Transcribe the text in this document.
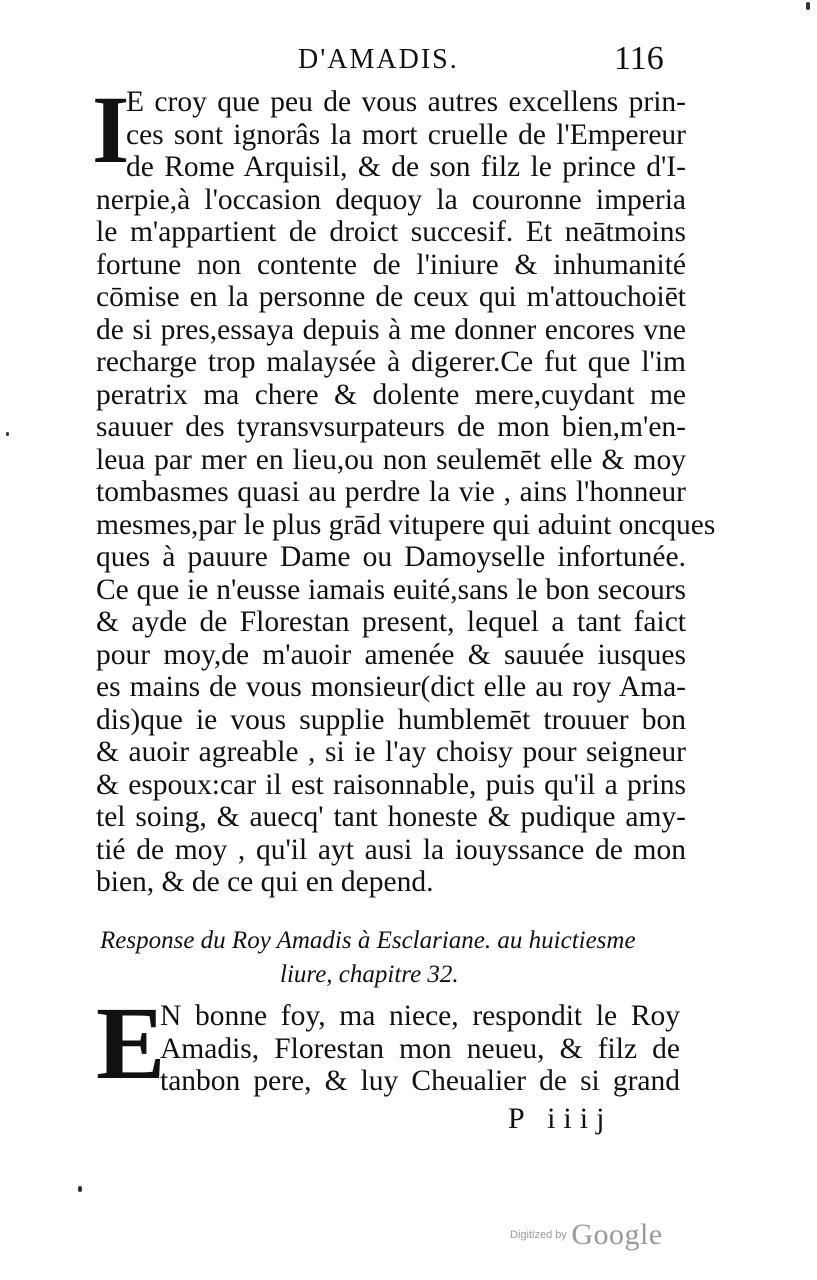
D'AMADIS.	116
I
E croy que peu de vous autres excellens prin-
ces sont ignorâs la mort cruelle de l'Empereur
de Rome Arquisil, & de son filz le prince d'I-
nerpie,à l'occasion dequoy la couronne imperia
le m'appartient de droict succesif. Et neātmoins
fortune non contente de l'iniure & inhumanité
cōmise en la personne de ceux qui m'attouchoiēt
de si pres,essaya depuis à me donner encores vne
recharge trop malaysée à digerer.Ce fut que l'im
peratrix ma chere & dolente mere,cuydant me
sauuer des tyransvsurpateurs de mon bien,m'en-
leua par mer en lieu,ou non seulemēt elle & moy
tombasmes quasi au perdre la vie , ains l'honneur
mesmes,par le plus grād vitupere qui aduint oncques
ques à pauure Dame ou Damoyselle infortunée.
Ce que ie n'eusse iamais euité,sans le bon secours
& ayde de Florestan present, lequel a tant faict
pour moy,de m'auoir amenée & sauuée iusques
es mains de vous monsieur(dict elle au roy Ama-
dis)que ie vous supplie humblemēt trouuer bon
& auoir agreable , si ie l'ay choisy pour seigneur
& espoux:car il est raisonnable, puis qu'il a prins
tel soing, & auecq' tant honeste & pudique amy-
tié de moy , qu'il ayt ausi la iouyssance de mon
bien, & de ce qui en depend.
Response du Roy Amadis à Esclariane. au huictiesme
liure, chapitre 32.
E
N bonne foy, ma niece, respondit le Roy
Amadis, Florestan mon neueu, & filz de
tanbon pere, & luy Cheualier de si grand
P iiij
Digitized by Google
